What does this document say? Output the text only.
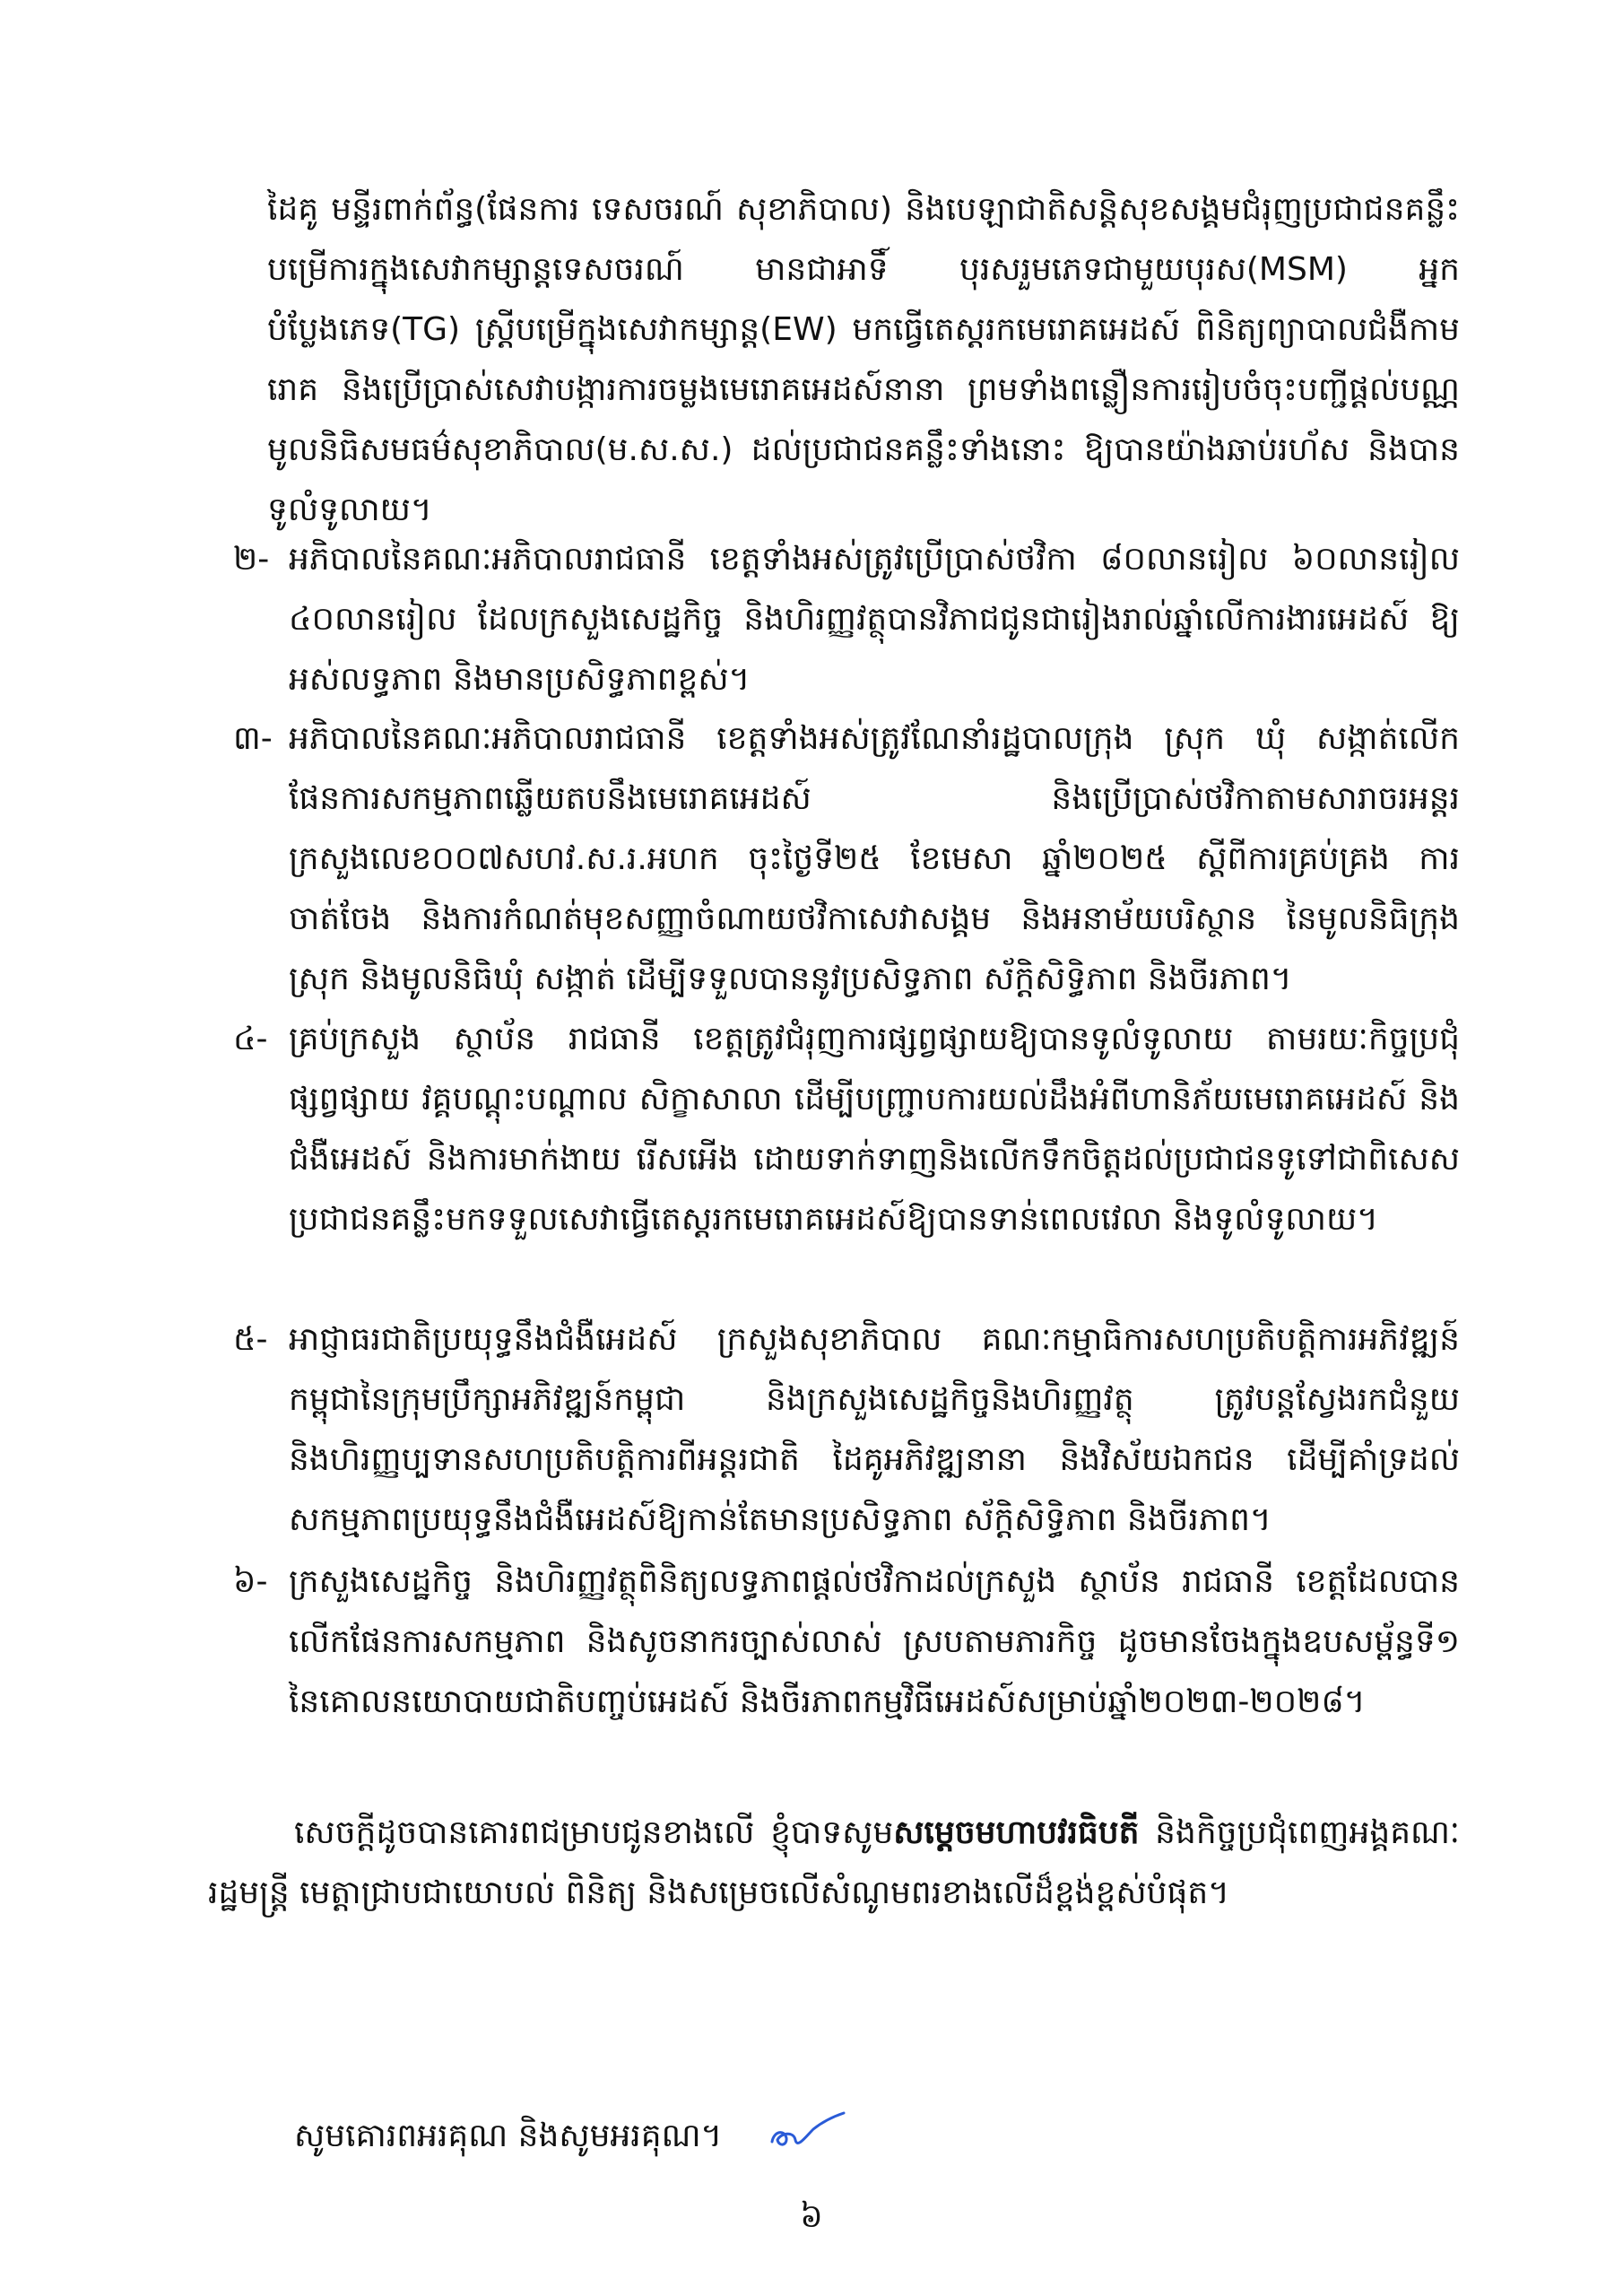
ដៃគូ មន្ទីរពាក់ព័ន្ធ(ផែនការ ទេសចរណ៍ សុខាភិបាល) និងបេឡាជាតិសន្តិសុខសង្គមជំរុញប្រជាជនគន្លឹះបម្រើការក្នុងសេវាកម្សាន្តទេសចរណ៍ មានជាអាទិ៍ បុរសរួមភេទជាមួយបុរស(MSM) អ្នកបំប្លែងភេទ(TG) ស្ត្រីបម្រើក្នុងសេវាកម្សាន្ត(EW) មកធ្វើតេស្តរកមេរោគអេដស៍ ពិនិត្យព្យាបាលជំងឺកាមរោគ និងប្រើប្រាស់សេវាបង្ការការចម្លងមេរោគអេដស៍នានា ព្រមទាំងពន្លឿនការរៀបចំចុះបញ្ជីផ្តល់បណ្ណមូលនិធិសមធម៌សុខាភិបាល(ម.ស.ស.) ដល់ប្រជាជនគន្លឹះទាំងនោះ ឱ្យបានយ៉ាងឆាប់រហ័ស និងបានទូលំទូលាយ។

២- អភិបាលនៃគណៈអភិបាលរាជធានី ខេត្តទាំងអស់ត្រូវប្រើប្រាស់ថវិកា ៨០លានរៀល ៦០លានរៀល ៤០លានរៀល ដែលក្រសួងសេដ្ឋកិច្ច និងហិរញ្ញវត្ថុបានវិភាជជូនជារៀងរាល់ឆ្នាំលើការងារអេដស៍ ឱ្យអស់លទ្ធភាព និងមានប្រសិទ្ធភាពខ្ពស់។
៣- អភិបាលនៃគណៈអភិបាលរាជធានី ខេត្តទាំងអស់ត្រូវណែនាំរដ្ឋបាលក្រុង ស្រុក ឃុំ សង្កាត់លើកផែនការសកម្មភាពឆ្លើយតបនឹងមេរោគអេដស៍ និងប្រើប្រាស់ថវិកាតាមសារាចរអន្តរក្រសួងលេខ០០៧សហវ.ស.រ.អហក ចុះថ្ងៃទី២៥ ខែមេសា ឆ្នាំ២០២៥ ស្តីពីការគ្រប់គ្រង ការចាត់ចែង និងការកំណត់មុខសញ្ញាចំណាយថវិកាសេវាសង្គម និងអនាម័យបរិស្ថាន នៃមូលនិធិក្រុង ស្រុក និងមូលនិធិឃុំ សង្កាត់ ដើម្បីទទួលបាននូវប្រសិទ្ធភាព ស័ក្តិសិទ្ធិភាព និងចីរភាព។
៤- គ្រប់ក្រសួង ស្ថាប័ន រាជធានី ខេត្តត្រូវជំរុញការផ្សព្វផ្សាយឱ្យបានទូលំទូលាយ តាមរយៈកិច្ចប្រជុំផ្សព្វផ្សាយ វគ្គបណ្តុះបណ្តាល សិក្ខាសាលា ដើម្បីបញ្ជ្រាបការយល់ដឹងអំពីហានិភ័យមេរោគអេដស៍ និងជំងឺអេដស៍ និងការមាក់ងាយ រើសអើង ដោយទាក់ទាញនិងលើកទឹកចិត្តដល់ប្រជាជនទូទៅជាពិសេសប្រជាជនគន្លឹះមកទទួលសេវាធ្វើតេស្តរកមេរោគអេដស៍ឱ្យបានទាន់ពេលវេលា និងទូលំទូលាយ។
៥- អាជ្ញាធរជាតិប្រយុទ្ធនឹងជំងឺអេដស៍ ក្រសួងសុខាភិបាល គណៈកម្មាធិការសហប្រតិបត្តិការអភិវឌ្ឍន៍កម្ពុជានៃក្រុមប្រឹក្សាអភិវឌ្ឍន៍កម្ពុជា និងក្រសួងសេដ្ឋកិច្ចនិងហិរញ្ញវត្ថុ ត្រូវបន្តស្វែងរកជំនួយនិងហិរញ្ញប្បទានសហប្រតិបត្តិការពីអន្តរជាតិ ដៃគូអភិវឌ្ឍនានា និងវិស័យឯកជន ដើម្បីគាំទ្រដល់សកម្មភាពប្រយុទ្ធនឹងជំងឺអេដស៍ឱ្យកាន់តែមានប្រសិទ្ធភាព ស័ក្តិសិទ្ធិភាព និងចីរភាព។
៦- ក្រសួងសេដ្ឋកិច្ច និងហិរញ្ញវត្ថុពិនិត្យលទ្ធភាពផ្តល់ថវិកាដល់ក្រសួង ស្ថាប័ន រាជធានី ខេត្តដែលបានលើកផែនការសកម្មភាព និងសូចនាករច្បាស់លាស់ ស្របតាមភារកិច្ច ដូចមានចែងក្នុងឧបសម្ព័ន្ធទី១ នៃគោលនយោបាយជាតិបញ្ចប់អេដស៍ និងចីរភាពកម្មវិធីអេដស៍សម្រាប់ឆ្នាំ២០២៣-២០២៨។

សេចក្តីដូចបានគោរពជម្រាបជូនខាងលើ ខ្ញុំបាទសូមសម្តេចមហាបវរធិបតី និងកិច្ចប្រជុំពេញអង្គគណៈរដ្ឋមន្ត្រី មេត្តាជ្រាបជាយោបល់ ពិនិត្យ និងសម្រេចលើសំណូមពរខាងលើដ៏ខ្ពង់ខ្ពស់បំផុត។

សូមគោរពអរគុណ និងសូមអរគុណ។
៦
